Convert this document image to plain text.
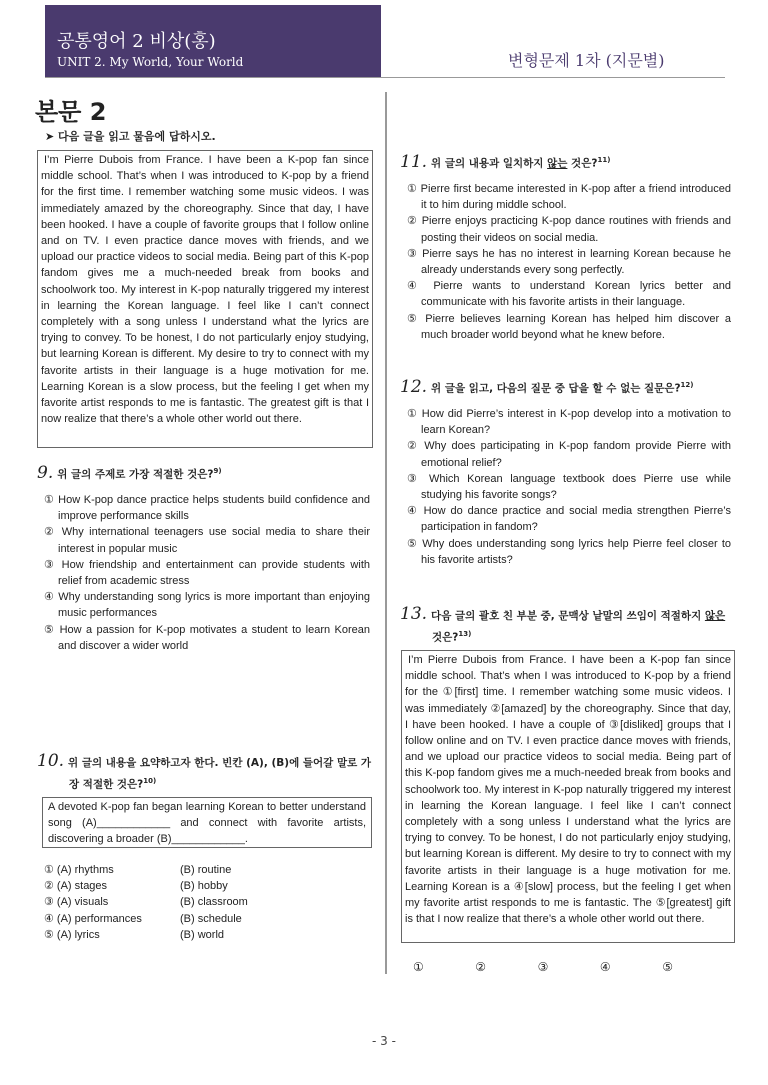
공통영어 2 비상(홍)
UNIT 2. My World, Your World	변형문제 1차 (지문별)
본문 2
➤ 다음 글을 읽고 물음에 답하시오.
I’m Pierre Dubois from France. I have been a K-pop fan since middle school. That’s when I was introduced to K-pop by a friend for the first time. I remember watching some music videos. I was immediately amazed by the choreography. Since that day, I have been hooked. I have a couple of favorite groups that I follow online and on TV. I even practice dance moves with friends, and we upload our practice videos to social media. Being part of this K-pop fandom gives me a much-needed break from books and schoolwork too. My interest in K-pop naturally triggered my interest in learning the Korean language. I feel like I can’t connect completely with a song unless I understand what the lyrics are trying to convey. To be honest, I do not particularly enjoy studying, but learning Korean is different. My desire to try to connect with my favorite artists in their language is a huge motivation for me. Learning Korean is a slow process, but the feeling I get when my favorite artist responds to me is fantastic. The greatest gift is that I now realize that there’s a whole other world out there.
9. 위 글의 주제로 가장 적절한 것은?$^{9)}$
① How K-pop dance practice helps students build confidence and improve performance skills
② Why international teenagers use social media to share their interest in popular music
③ How friendship and entertainment can provide students with relief from academic stress
④ Why understanding song lyrics is more important than enjoying music performances
⑤ How a passion for K-pop motivates a student to learn Korean and discover a wider world
10. 위 글의 내용을 요약하고자 한다. 빈칸 (A), (B)에 들어갈 말로 가장 적절한 것은?$^{10)}$
A devoted K-pop fan began learning Korean to better understand song (A)____________ and connect with favorite artists, discovering a broader (B)____________.
① (A) rhythms	(B) routine
② (A) stages	(B) hobby
③ (A) visuals	(B) classroom
④ (A) performances	(B) schedule
⑤ (A) lyrics	(B) world
11. 위 글의 내용과 일치하지 않는 것은?$^{11)}$
① Pierre first became interested in K-pop after a friend introduced it to him during middle school.
② Pierre enjoys practicing K-pop dance routines with friends and posting their videos on social media.
③ Pierre says he has no interest in learning Korean because he already understands every song perfectly.
④ Pierre wants to understand Korean lyrics better and communicate with his favorite artists in their language.
⑤ Pierre believes learning Korean has helped him discover a much broader world beyond what he knew before.
12. 위 글을 읽고, 다음의 질문 중 답을 할 수 없는 질문은?$^{12)}$
① How did Pierre’s interest in K-pop develop into a motivation to learn Korean?
② Why does participating in K-pop fandom provide Pierre with emotional relief?
③ Which Korean language textbook does Pierre use while studying his favorite songs?
④ How do dance practice and social media strengthen Pierre’s participation in fandom?
⑤ Why does understanding song lyrics help Pierre feel closer to his favorite artists?
13. 다음 글의 괄호 친 부분 중, 문맥상 낱말의 쓰임이 적절하지 않은 것은?$^{13)}$
I’m Pierre Dubois from France. I have been a K-pop fan since middle school. That’s when I was introduced to K-pop by a friend for the ①[first] time. I remember watching some music videos. I was immediately ②[amazed] by the choreography. Since that day, I have been hooked. I have a couple of ③[disliked] groups that I follow online and on TV. I even practice dance moves with friends, and we upload our practice videos to social media. Being part of this K-pop fandom gives me a much-needed break from books and schoolwork too. My interest in K-pop naturally triggered my interest in learning the Korean language. I feel like I can’t connect completely with a song unless I understand what the lyrics are trying to convey. To be honest, I do not particularly enjoy studying, but learning Korean is different. My desire to try to connect with my favorite artists in their language is a huge motivation for me. Learning Korean is a ④[slow] process, but the feeling I get when my favorite artist responds to me is fantastic. The ⑤[greatest] gift is that I now realize that there’s a whole other world out there.
①	②	③	④	⑤
- 3 -
